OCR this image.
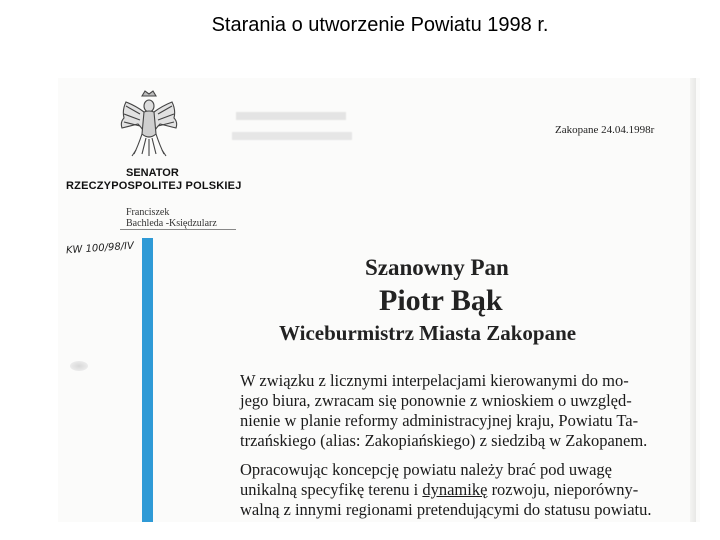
Starania o utworzenie Powiatu 1998 r.
SENATOR
RZECZYPOSPOLITEJ POLSKIEJ
Franciszek
Bachleda -Księdzularz
KW 100/98/IV
Zakopane 24.04.1998r
Szanowny Pan
Piotr Bąk
Wiceburmistrz Miasta Zakopane
W związku z licznymi interpelacjami kierowanymi do mo-
jego biura, zwracam się ponownie z wnioskiem o uwzględ-
nienie w planie reformy administracyjnej kraju, Powiatu Ta-
trzańskiego (alias: Zakopiańskiego) z siedzibą w Zakopanem.
Opracowując koncepcję powiatu należy brać pod uwagę
unikalną specyfikę terenu i dynamikę rozwoju, nieporówny-
walną z innymi regionami pretendującymi do statusu powiatu.
